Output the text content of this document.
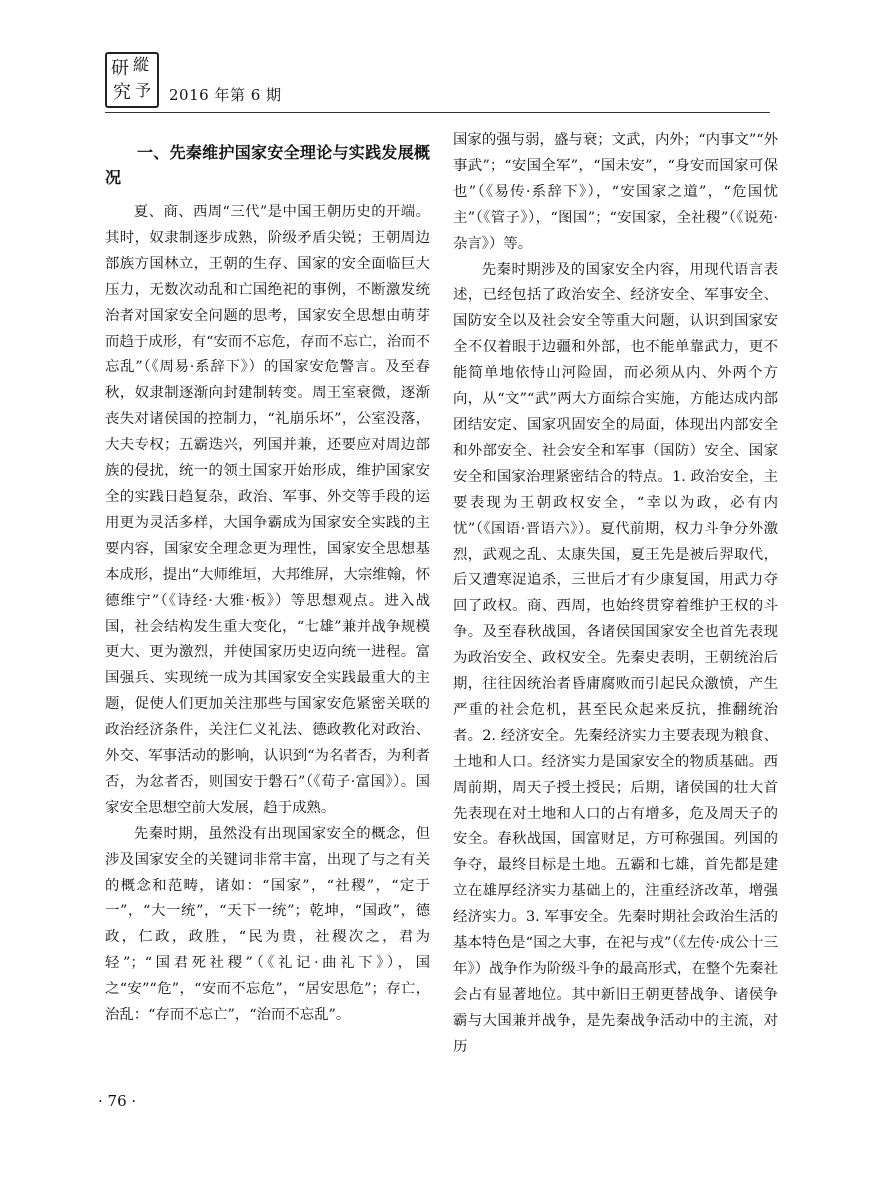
研 縱
究 予 2016 年第 6 期
一、先秦维护国家安全理论与实践发展概况

夏、商、西周“三代”是中国王朝历史的开端。其时，奴隶制逐步成熟，阶级矛盾尖锐；王朝周边部族方国林立，王朝的生存、国家的安全面临巨大压力，无数次动乱和亡国绝祀的事例，不断激发统治者对国家安全问题的思考，国家安全思想由萌芽而趋于成形，有“安而不忘危，存而不忘亡，治而不忘乱”（《周易·系辞下》）的国家安危警言。及至春秋，奴隶制逐渐向封建制转变。周王室衰微，逐渐丧失对诸侯国的控制力，“礼崩乐坏”，公室没落，大夫专权；五霸迭兴，列国并兼，还要应对周边部族的侵扰，统一的领土国家开始形成，维护国家安全的实践日趋复杂，政治、军事、外交等手段的运用更为灵活多样，大国争霸成为国家安全实践的主要内容，国家安全理念更为理性，国家安全思想基本成形，提出“大师维垣，大邦维屏，大宗维翰，怀德维宁”（《诗经·大雅·板》）等思想观点。进入战国，社会结构发生重大变化，“七雄”兼并战争规模更大、更为激烈，并使国家历史迈向统一进程。富国强兵、实现统一成为其国家安全实践最重大的主题，促使人们更加关注那些与国家安危紧密关联的政治经济条件，关注仁义礼法、德政教化对政治、外交、军事活动的影响，认识到“为名者否，为利者否，为忿者否，则国安于磐石”（《荀子·富国》）。国家安全思想空前大发展，趋于成熟。

先秦时期，虽然没有出现国家安全的概念，但涉及国家安全的关键词非常丰富，出现了与之有关的概念和范畴，诸如：“国家”，“社稷”，“定于一”，“大一统”，“天下一统”；乾坤，“国政”，德政，仁政，政胜，“民为贵，社稷次之，君为轻”；“国君死社稷”（《礼记·曲礼下》），国之“安”“危”，“安而不忘危”，“居安思危”；存亡，治乱：“存而不忘亡”，“治而不忘乱”。

国家的强与弱，盛与衰；文武，内外；“内事文”“外事武”；“安国全军”，“国未安”，“身安而国家可保也”（《易传·系辞下》），“安国家之道”，“危国忧主”（《管子》），“图国”；“安国家，全社稷”（《说苑·杂言》）等。

先秦时期涉及的国家安全内容，用现代语言表述，已经包括了政治安全、经济安全、军事安全、国防安全以及社会安全等重大问题，认识到国家安全不仅着眼于边疆和外部，也不能单靠武力，更不能简单地依恃山河险固，而必须从内、外两个方向，从“文”“武”两大方面综合实施，方能达成内部团结安定、国家巩固安全的局面，体现出内部安全和外部安全、社会安全和军事（国防）安全、国家安全和国家治理紧密结合的特点。1. 政治安全，主要表现为王朝政权安全，“幸以为政，必有内忧”（《国语·晋语六》）。夏代前期，权力斗争分外激烈，武观之乱、太康失国，夏王先是被后羿取代，后又遭寒浞追杀，三世后才有少康复国，用武力夺回了政权。商、西周，也始终贯穿着维护王权的斗争。及至春秋战国，各诸侯国国家安全也首先表现为政治安全、政权安全。先秦史表明，王朝统治后期，往往因统治者昏庸腐败而引起民众激愤，产生严重的社会危机，甚至民众起来反抗，推翻统治者。2. 经济安全。先秦经济实力主要表现为粮食、土地和人口。经济实力是国家安全的物质基础。西周前期，周天子授土授民；后期，诸侯国的壮大首先表现在对土地和人口的占有增多，危及周天子的安全。春秋战国，国富财足，方可称强国。列国的争夺，最终目标是土地。五霸和七雄，首先都是建立在雄厚经济实力基础上的，注重经济改革，增强经济实力。3. 军事安全。先秦时期社会政治生活的基本特色是“国之大事，在祀与戎”（《左传·成公十三年》）战争作为阶级斗争的最高形式，在整个先秦社会占有显著地位。其中新旧王朝更替战争、诸侯争霸与大国兼并战争，是先秦战争活动中的主流，对历

· 76 ·
